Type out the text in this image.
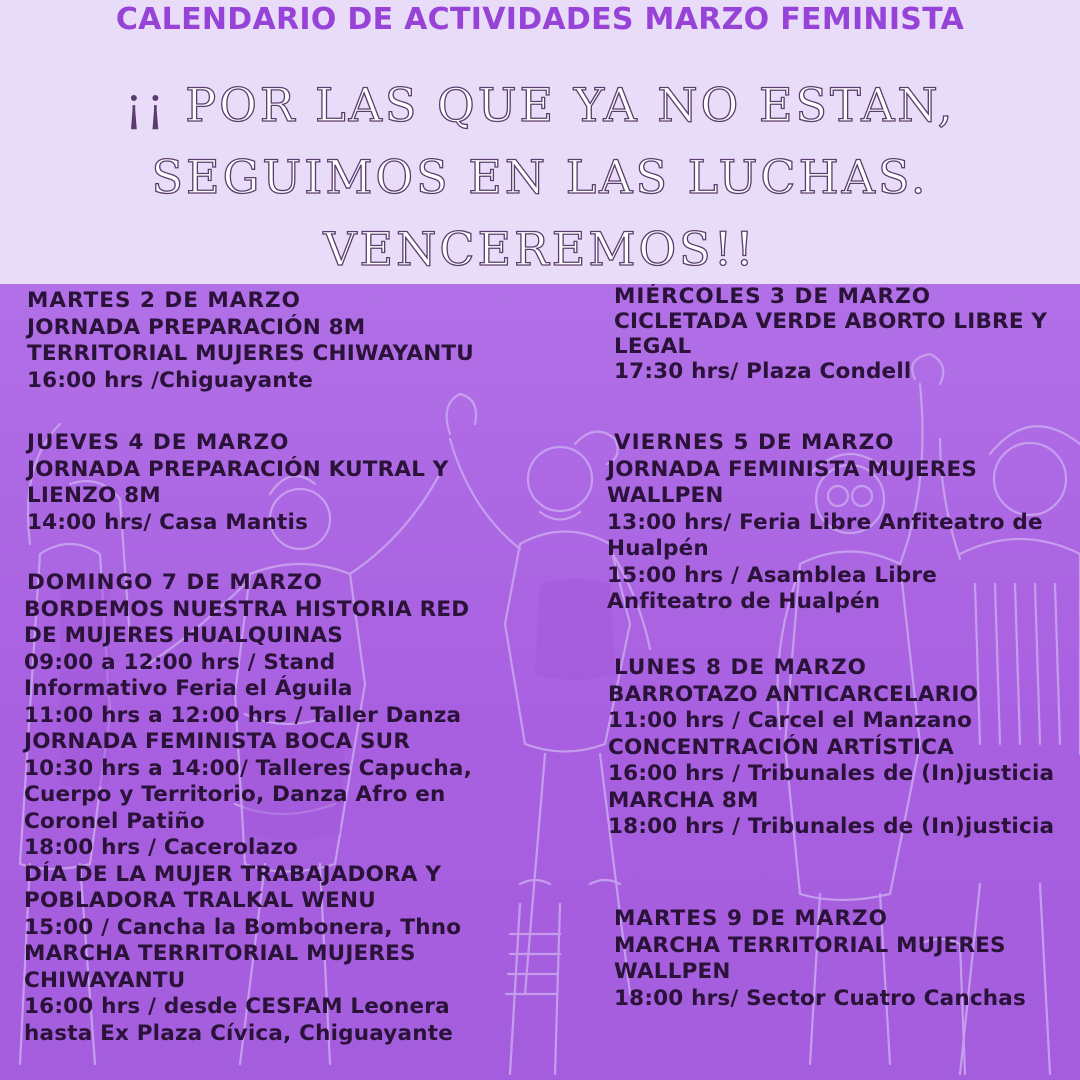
CALENDARIO DE ACTIVIDADES MARZO FEMINISTA
¡¡ POR LAS QUE YA NO ESTAN,
SEGUIMOS EN LAS LUCHAS.
VENCEREMOS!!
MARTES 2 DE MARZO
JORNADA PREPARACIÓN 8M
TERRITORIAL MUJERES CHIWAYANTU
16:00 hrs /Chiguayante
MIÉRCOLES 3 DE MARZO
CICLETADA VERDE ABORTO LIBRE Y
LEGAL
17:30 hrs/ Plaza Condell
JUEVES 4 DE MARZO
JORNADA PREPARACIÓN KUTRAL Y
LIENZO 8M
14:00 hrs/ Casa Mantis
VIERNES 5 DE MARZO
JORNADA FEMINISTA MUJERES
WALLPEN
13:00 hrs/ Feria Libre Anfiteatro de
Hualpén
15:00 hrs / Asamblea Libre
Anfiteatro de Hualpén
DOMINGO 7 DE MARZO
BORDEMOS NUESTRA HISTORIA RED
DE MUJERES HUALQUINAS
09:00 a 12:00 hrs / Stand
Informativo Feria el Águila
11:00 hrs a 12:00 hrs / Taller Danza
JORNADA FEMINISTA BOCA SUR
10:30 hrs a 14:00/ Talleres Capucha,
Cuerpo y Territorio, Danza Afro en
Coronel Patiño
18:00 hrs / Cacerolazo
DÍA DE LA MUJER TRABAJADORA Y
POBLADORA TRALKAL WENU
15:00 / Cancha la Bombonera, Thno
MARCHA TERRITORIAL MUJERES
CHIWAYANTU
16:00 hrs / desde CESFAM Leonera
hasta Ex Plaza Cívica, Chiguayante
LUNES 8 DE MARZO
BARROTAZO ANTICARCELARIO
11:00 hrs / Carcel el Manzano
CONCENTRACIÓN ARTÍSTICA
16:00 hrs / Tribunales de (In)justicia
MARCHA 8M
18:00 hrs / Tribunales de (In)justicia
MARTES 9 DE MARZO
MARCHA TERRITORIAL MUJERES
WALLPEN
18:00 hrs/ Sector Cuatro Canchas
